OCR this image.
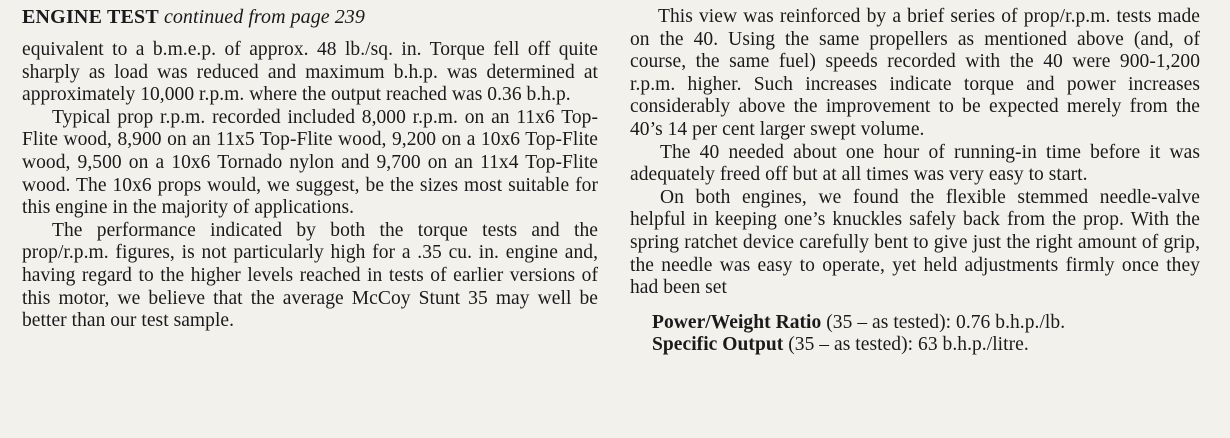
ENGINE TEST continued from page 239

equivalent to a b.m.e.p. of approx. 48 lb./sq. in. Torque fell off quite sharply as load was reduced and maximum b.h.p. was determined at approximately 10,000 r.p.m. where the output reached was 0.36 b.h.p.

Typical prop r.p.m. recorded included 8,000 r.p.m. on an 11x6 Top-Flite wood, 8,900 on an 11x5 Top-Flite wood, 9,200 on a 10x6 Top-Flite wood, 9,500 on a 10x6 Tornado nylon and 9,700 on an 11x4 Top-Flite wood. The 10x6 props would, we suggest, be the sizes most suitable for this engine in the majority of applications.

The performance indicated by both the torque tests and the prop/r.p.m. figures, is not particularly high for a .35 cu. in. engine and, having regard to the higher levels reached in tests of earlier versions of this motor, we believe that the average McCoy Stunt 35 may well be better than our test sample.

This view was reinforced by a brief series of prop/r.p.m. tests made on the 40. Using the same propellers as mentioned above (and, of course, the same fuel) speeds recorded with the 40 were 900-1,200 r.p.m. higher. Such increases indicate torque and power increases considerably above the improvement to be expected merely from the 40’s 14 per cent larger swept volume.

The 40 needed about one hour of running-in time before it was adequately freed off but at all times was very easy to start.

On both engines, we found the flexible stemmed needle-valve helpful in keeping one’s knuckles safely back from the prop. With the spring ratchet device carefully bent to give just the right amount of grip, the needle was easy to operate, yet held adjustments firmly once they had been set

Power/Weight Ratio (35 – as tested): 0.76 b.h.p./lb.
Specific Output (35 – as tested): 63 b.h.p./litre.
